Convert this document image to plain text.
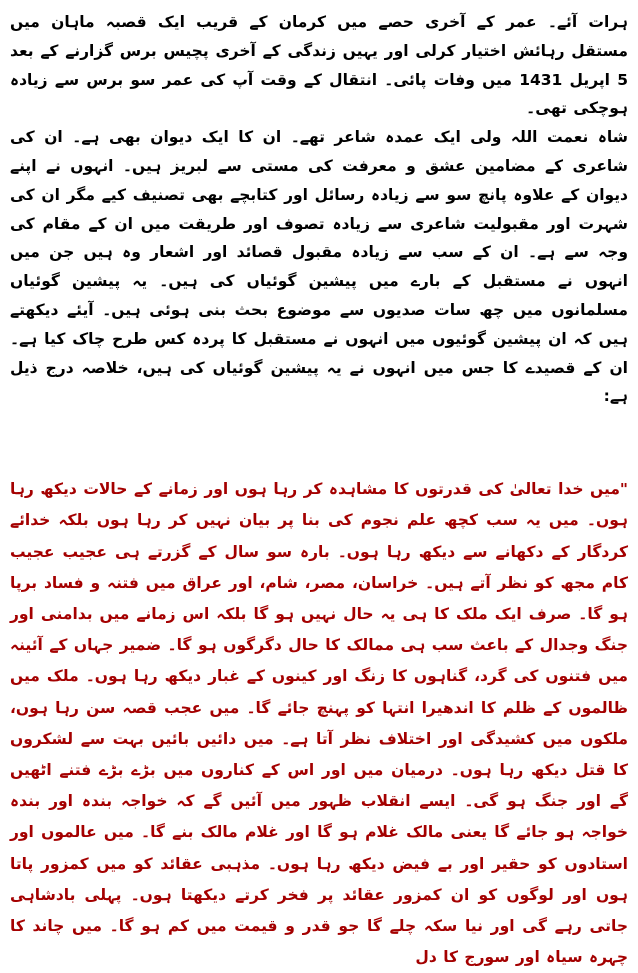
ہرات آئے۔ عمر کے آخری حصے میں کرمان کے قریب ایک قصبہ ماہان میں مستقل رہائش اختیار کرلی اور یہیں زندگی کے آخری پچیس برس گزارنے کے بعد 5 اپریل 1431 میں وفات پائی۔ انتقال کے وقت آپ کی عمر سو برس سے زیادہ ہوچکی تھی۔

شاہ نعمت اللہ ولی ایک عمدہ شاعر تھے۔ ان کا ایک دیوان بھی ہے۔ ان کی شاعری کے مضامین عشق و معرفت کی مستی سے لبریز ہیں۔ انہوں نے اپنے دیوان کے علاوہ پانچ سو سے زیادہ رسائل اور کتابچے بھی تصنیف کیے مگر ان کی شہرت اور مقبولیت شاعری سے زیادہ تصوف اور طریقت میں ان کے مقام کی وجہ سے ہے۔ ان کے سب سے زیادہ مقبول قصائد اور اشعار وہ ہیں جن میں انہوں نے مستقبل کے بارے میں پیشین گوئیاں کی ہیں۔ یہ پیشین گوئیاں مسلمانوں میں چھ سات صدیوں سے موضوع بحث بنی ہوئی ہیں۔ آیئے دیکھتے ہیں کہ ان پیشین گوئیوں میں انہوں نے مستقبل کا پردہ کس طرح چاک کیا ہے۔ ان کے قصیدے کا جس میں انہوں نے یہ پیشین گوئیاں کی ہیں، خلاصہ درج ذیل ہے:

"میں خدا تعالیٰ کی قدرتوں کا مشاہدہ کر رہا ہوں اور زمانے کے حالات دیکھ رہا ہوں۔ میں یہ سب کچھ علم نجوم کی بنا پر بیان نہیں کر رہا ہوں بلکہ خدائے کردگار کے دکھانے سے دیکھ رہا ہوں۔ بارہ سو سال کے گزرتے ہی عجیب عجیب کام مجھ کو نظر آتے ہیں۔ خراسان، مصر، شام، اور عراق میں فتنہ و فساد برپا ہو گا۔ صرف ایک ملک کا ہی یہ حال نہیں ہو گا بلکہ اس زمانے میں بدامنی اور جنگ وجدال کے باعث سب ہی ممالک کا حال دگرگوں ہو گا۔ ضمیر جہاں کے آئینہ میں فتنوں کی گرد، گناہوں کا زنگ اور کینوں کے غبار دیکھ رہا ہوں۔ ملک میں ظالموں کے ظلم کا اندھیرا انتہا کو پہنچ جائے گا۔ میں عجب قصہ سن رہا ہوں، ملکوں میں کشیدگی اور اختلاف نظر آتا ہے۔ میں دائیں بائیں بہت سے لشکروں کا قتل دیکھ رہا ہوں۔ درمیان میں اور اس کے کناروں میں بڑے بڑے فتنے اٹھیں گے اور جنگ ہو گی۔ ایسے انقلاب ظہور میں آئیں گے کہ خواجہ بندہ اور بندہ خواجہ ہو جائے گا یعنی مالک غلام ہو گا اور غلام مالک بنے گا۔ میں عالموں اور استادوں کو حقیر اور بے فیض دیکھ رہا ہوں۔ مذہبی عقائد کو میں کمزور پاتا ہوں اور لوگوں کو ان کمزور عقائد پر فخر کرتے دیکھتا ہوں۔ پہلی بادشاہی جاتی رہے گی اور نیا سکہ چلے گا جو قدر و قیمت میں کم ہو گا۔ میں چاند کا چہرہ سیاہ اور سورج کا دل
